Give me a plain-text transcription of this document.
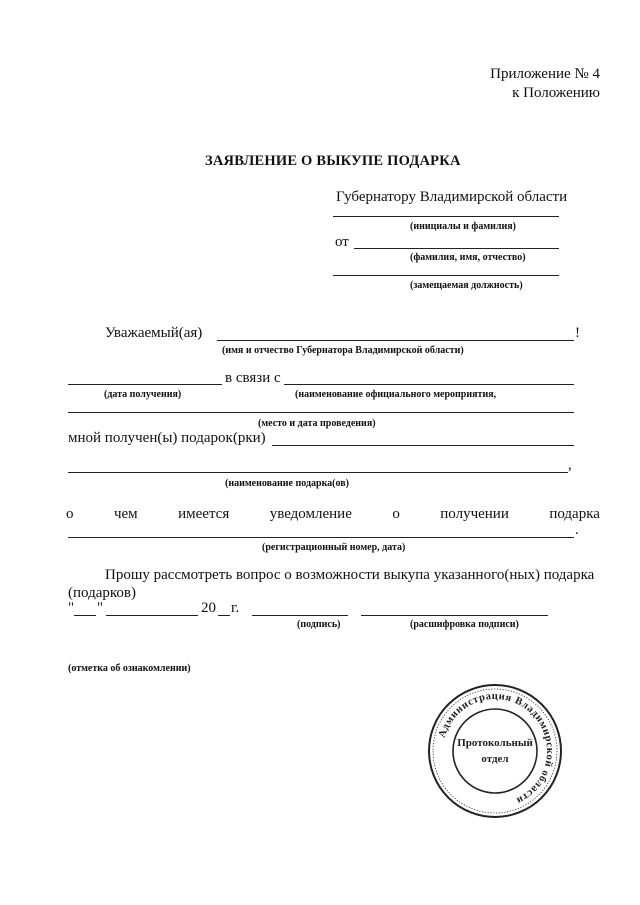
Приложение № 4
к Положению
ЗАЯВЛЕНИЕ О ВЫКУПЕ ПОДАРКА
Губернатору Владимирской области
(инициалы и фамилия)
от
(фамилия, имя, отчество)
(замещаемая должность)
Уважаемый(ая)	!
(имя и отчество Губернатора Владимирской области)
в связи с
(дата получения)	(наименование официального мероприятия,
(место и дата проведения)
мной получен(ы) подарок(рки)
,
(наименование подарка(ов)
о	чем	имеется	уведомление	о	получении	подарка
.
(регистрационный номер, дата)
Прошу рассмотреть вопрос о возможности выкупа указанного(ных) подарка
(подарков)
" "	20 г.
(подпись)	(расшифровка подписи)
(отметка об ознакомлении)
Администрация Владимирской области
Протокольный
отдел
